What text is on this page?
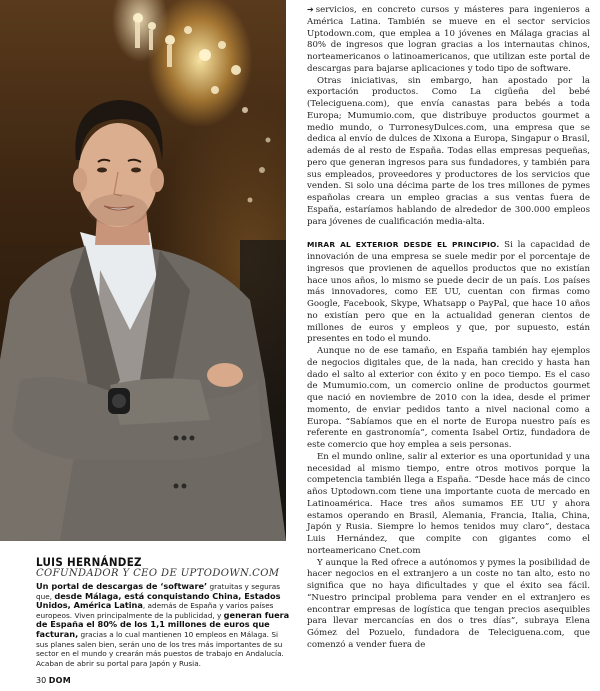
LUIS HERNÁNDEZ
COFUNDADOR Y CEO DE UPTODOWN.COM
Un portal de descargas de ‘software’ gratuitas y seguras que, desde Málaga, está conquistando China, Estados Unidos, América Latina, además de España y varios países europeos. Viven principalmente de la publicidad, y generan fuera de España el 80% de los 1,1 millones de euros que facturan, gracias a lo cual mantienen 10 empleos en Málaga. Si sus planes salen bien, serán uno de los tres más importantes de su sector en el mundo y crearán más puestos de trabajo en Andalucía. Acaban de abrir su portal para Japón y Rusia.
30 DOM

➔ servicios, en concreto cursos y másteres para ingenieros a América Latina. También se mueve en el sector servicios Uptodown.com, que emplea a 10 jóvenes en Málaga gracias al 80% de ingresos que logran gracias a los internautas chinos, norteamericanos o latinoamericanos, que utilizan este portal de descargas para bajarse aplicaciones y todo tipo de software.

Otras iniciativas, sin embargo, han apostado por la exportación productos. Como La cigüeña del bebé (Teleciguena.com), que envía canastas para bebés a toda Europa; Mumumio.com, que distribuye productos gourmet a medio mundo, o TurronesyDulces.com, una empresa que se dedica al envío de dulces de Xixona a Europa, Singapur o Brasil, además de al resto de España. Todas ellas empresas pequeñas, pero que generan ingresos para sus fundadores, y también para sus empleados, proveedores y productores de los servicios que venden. Si solo una décima parte de los tres millones de pymes españolas creara un empleo gracias a sus ventas fuera de España, estaríamos hablando de alrededor de 300.000 empleos para jóvenes de cualificación media-alta.

MIRAR AL EXTERIOR DESDE EL PRINCIPIO. Si la capacidad de innovación de una empresa se suele medir por el porcentaje de ingresos que provienen de aquellos productos que no existían hace unos años, lo mismo se puede decir de un país. Los países más innovadores, como EE UU, cuentan con firmas como Google, Facebook, Skype, Whatsapp o PayPal, que hace 10 años no existían pero que en la actualidad generan cientos de millones de euros y empleos y que, por supuesto, están presentes en todo el mundo.

Aunque no de ese tamaño, en España también hay ejemplos de negocios digitales que, de la nada, han crecido y hasta han dado el salto al exterior con éxito y en poco tiempo. Es el caso de Mumumio.com, un comercio online de productos gourmet que nació en noviembre de 2010 con la idea, desde el primer momento, de enviar pedidos tanto a nivel nacional como a Europa. “Sabíamos que en el norte de Europa nuestro país es referente en gastronomía”, comenta Isabel Ortiz, fundadora de este comercio que hoy emplea a seis personas.

En el mundo online, salir al exterior es una oportunidad y una necesidad al mismo tiempo, entre otros motivos porque la competencia también llega a España. “Desde hace más de cinco años Uptodown.com tiene una importante cuota de mercado en Latinoamérica. Hace tres años sumamos EE UU y ahora estamos operando en Brasil, Alemania, Francia, Italia, China, Japón y Rusia. Siempre lo hemos tenidos muy claro”, destaca Luis Hernández, que compite con gigantes como el norteamericano Cnet.com

Y aunque la Red ofrece a autónomos y pymes la posibilidad de hacer negocios en el extranjero a un coste no tan alto, esto no significa que no haya dificultades y que el éxito sea fácil. “Nuestro principal problema para vender en el extranjero es encontrar empresas de logística que tengan precios asequibles para llevar mercancías en dos o tres días”, subraya Elena Gómez del Pozuelo, fundadora de Teleciguena.com, que comenzó a vender fuera de
